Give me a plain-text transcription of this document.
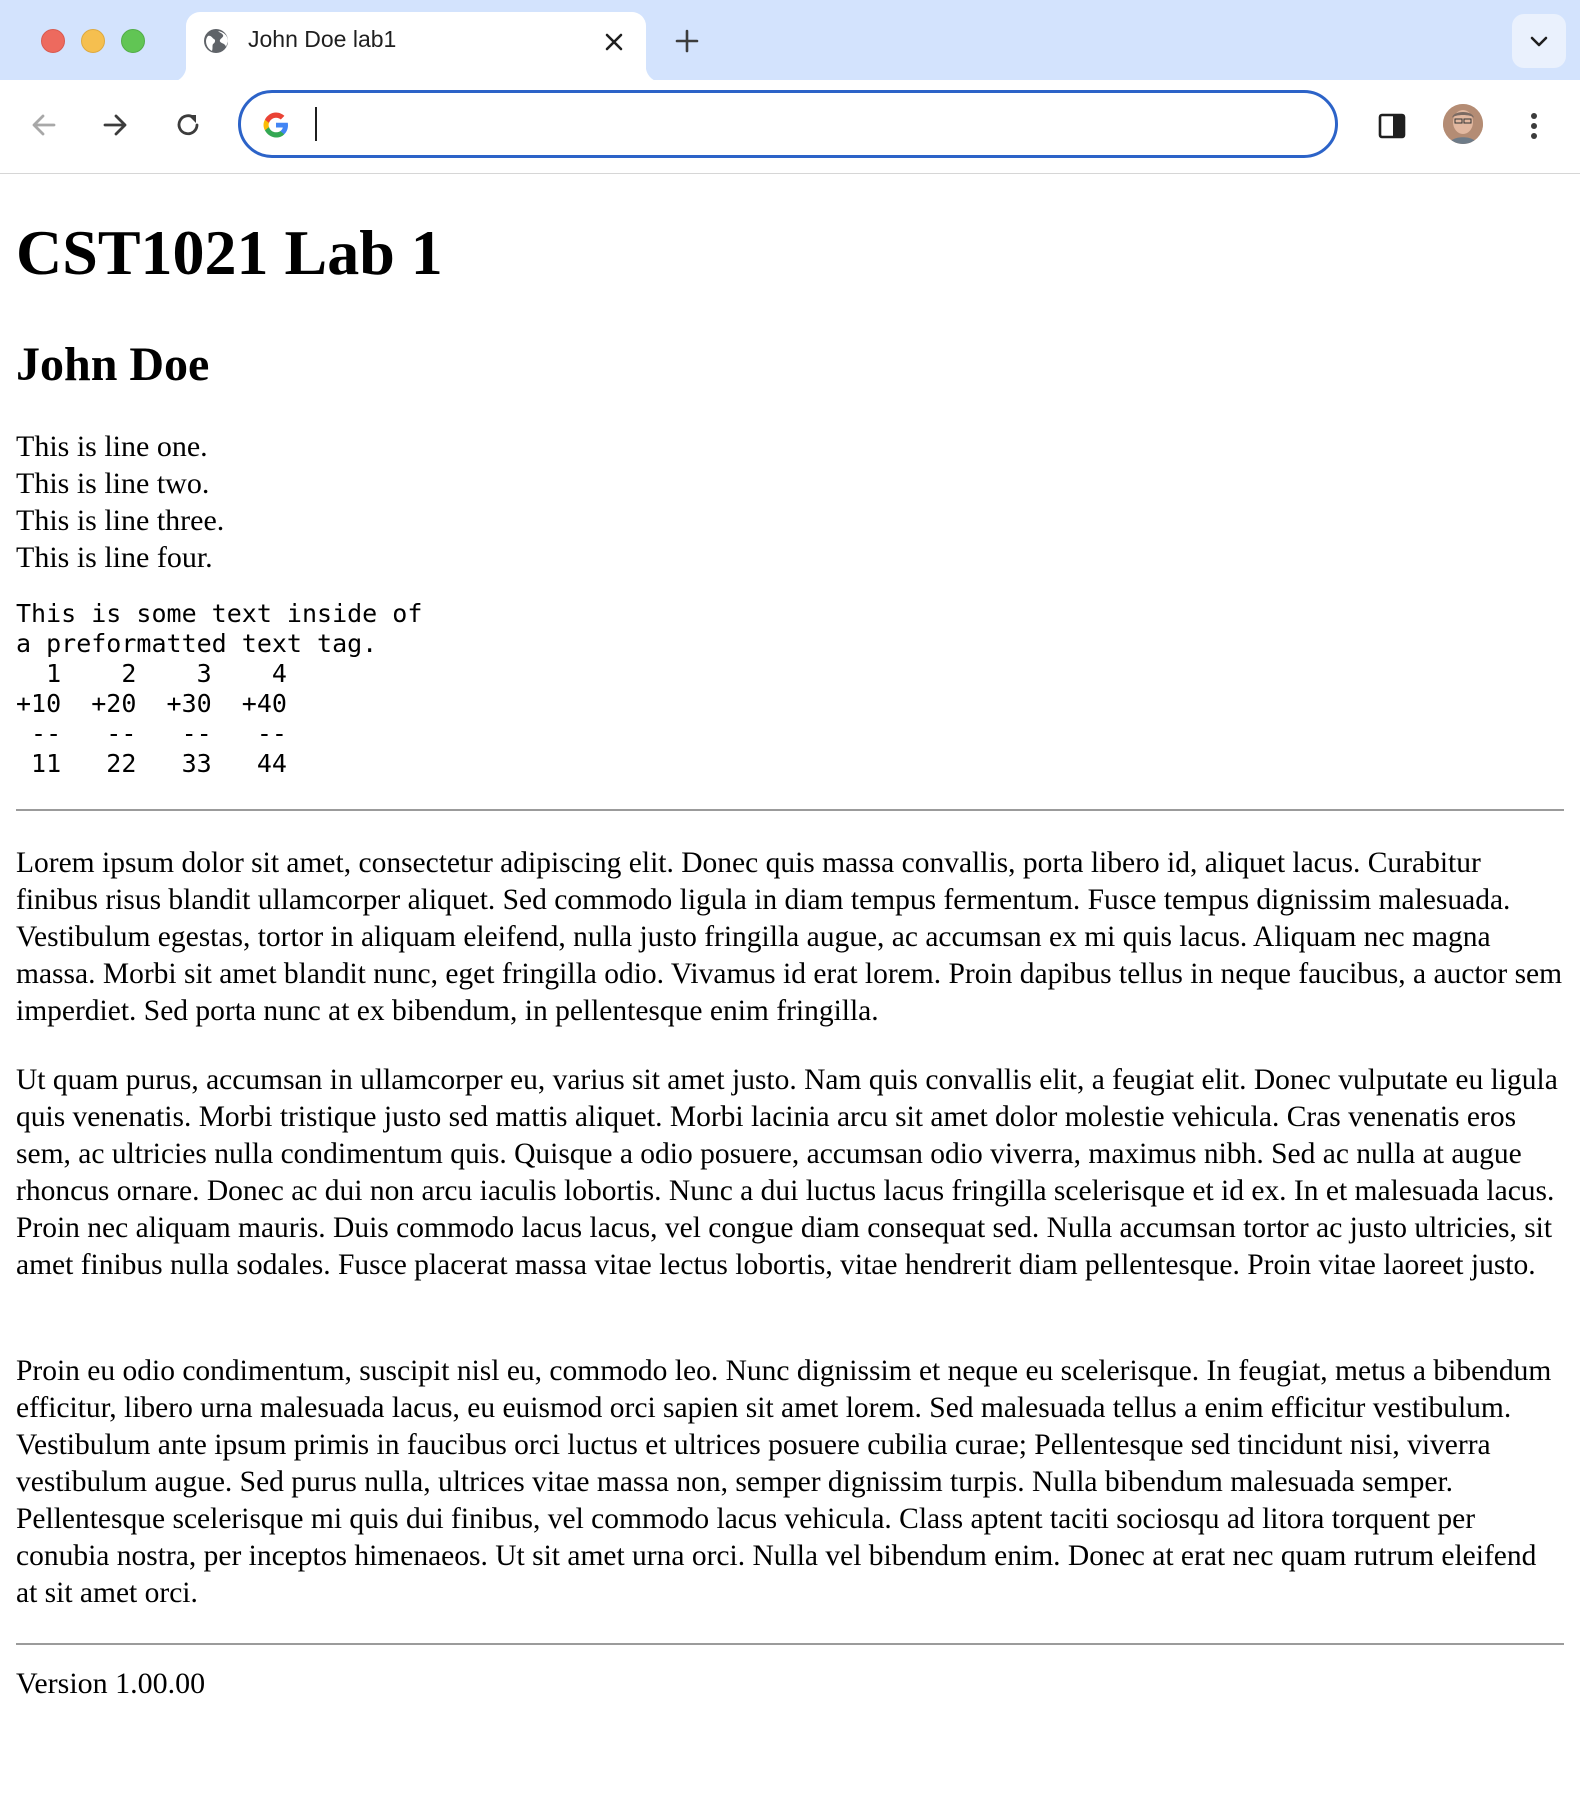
John Doe lab1
CST1021 Lab 1
John Doe
This is line one.
This is line two.
This is line three.
This is line four.
This is some text inside of
a preformatted text tag.
1    2    3    4
+10  +20  +30  +40
--   --   --   --
11   22   33   44

Lorem ipsum dolor sit amet, consectetur adipiscing elit. Donec quis massa convallis, porta libero id, aliquet lacus. Curabitur finibus risus blandit ullamcorper aliquet. Sed commodo ligula in diam tempus fermentum. Fusce tempus dignissim malesuada. Vestibulum egestas, tortor in aliquam eleifend, nulla justo fringilla augue, ac accumsan ex mi quis lacus. Aliquam nec magna massa. Morbi sit amet blandit nunc, eget fringilla odio. Vivamus id erat lorem. Proin dapibus tellus in neque faucibus, a auctor sem imperdiet. Sed porta nunc at ex bibendum, in pellentesque enim fringilla.

Ut quam purus, accumsan in ullamcorper eu, varius sit amet justo. Nam quis convallis elit, a feugiat elit. Donec vulputate eu ligula quis venenatis. Morbi tristique justo sed mattis aliquet. Morbi lacinia arcu sit amet dolor molestie vehicula. Cras venenatis eros sem, ac ultricies nulla condimentum quis. Quisque a odio posuere, accumsan odio viverra, maximus nibh. Sed ac nulla at augue rhoncus ornare. Donec ac dui non arcu iaculis lobortis. Nunc a dui luctus lacus fringilla scelerisque et id ex. In et malesuada lacus. Proin nec aliquam mauris. Duis commodo lacus lacus, vel congue diam consequat sed. Nulla accumsan tortor ac justo ultricies, sit amet finibus nulla sodales. Fusce placerat massa vitae lectus lobortis, vitae hendrerit diam pellentesque. Proin vitae laoreet justo.

Proin eu odio condimentum, suscipit nisl eu, commodo leo. Nunc dignissim et neque eu scelerisque. In feugiat, metus a bibendum efficitur, libero urna malesuada lacus, eu euismod orci sapien sit amet lorem. Sed malesuada tellus a enim efficitur vestibulum. Vestibulum ante ipsum primis in faucibus orci luctus et ultrices posuere cubilia curae; Pellentesque sed tincidunt nisi, viverra vestibulum augue. Sed purus nulla, ultrices vitae massa non, semper dignissim turpis. Nulla bibendum malesuada semper. Pellentesque scelerisque mi quis dui finibus, vel commodo lacus vehicula. Class aptent taciti sociosqu ad litora torquent per conubia nostra, per inceptos himenaeos. Ut sit amet urna orci. Nulla vel bibendum enim. Donec at erat nec quam rutrum eleifend at sit amet orci.

Version 1.00.00
